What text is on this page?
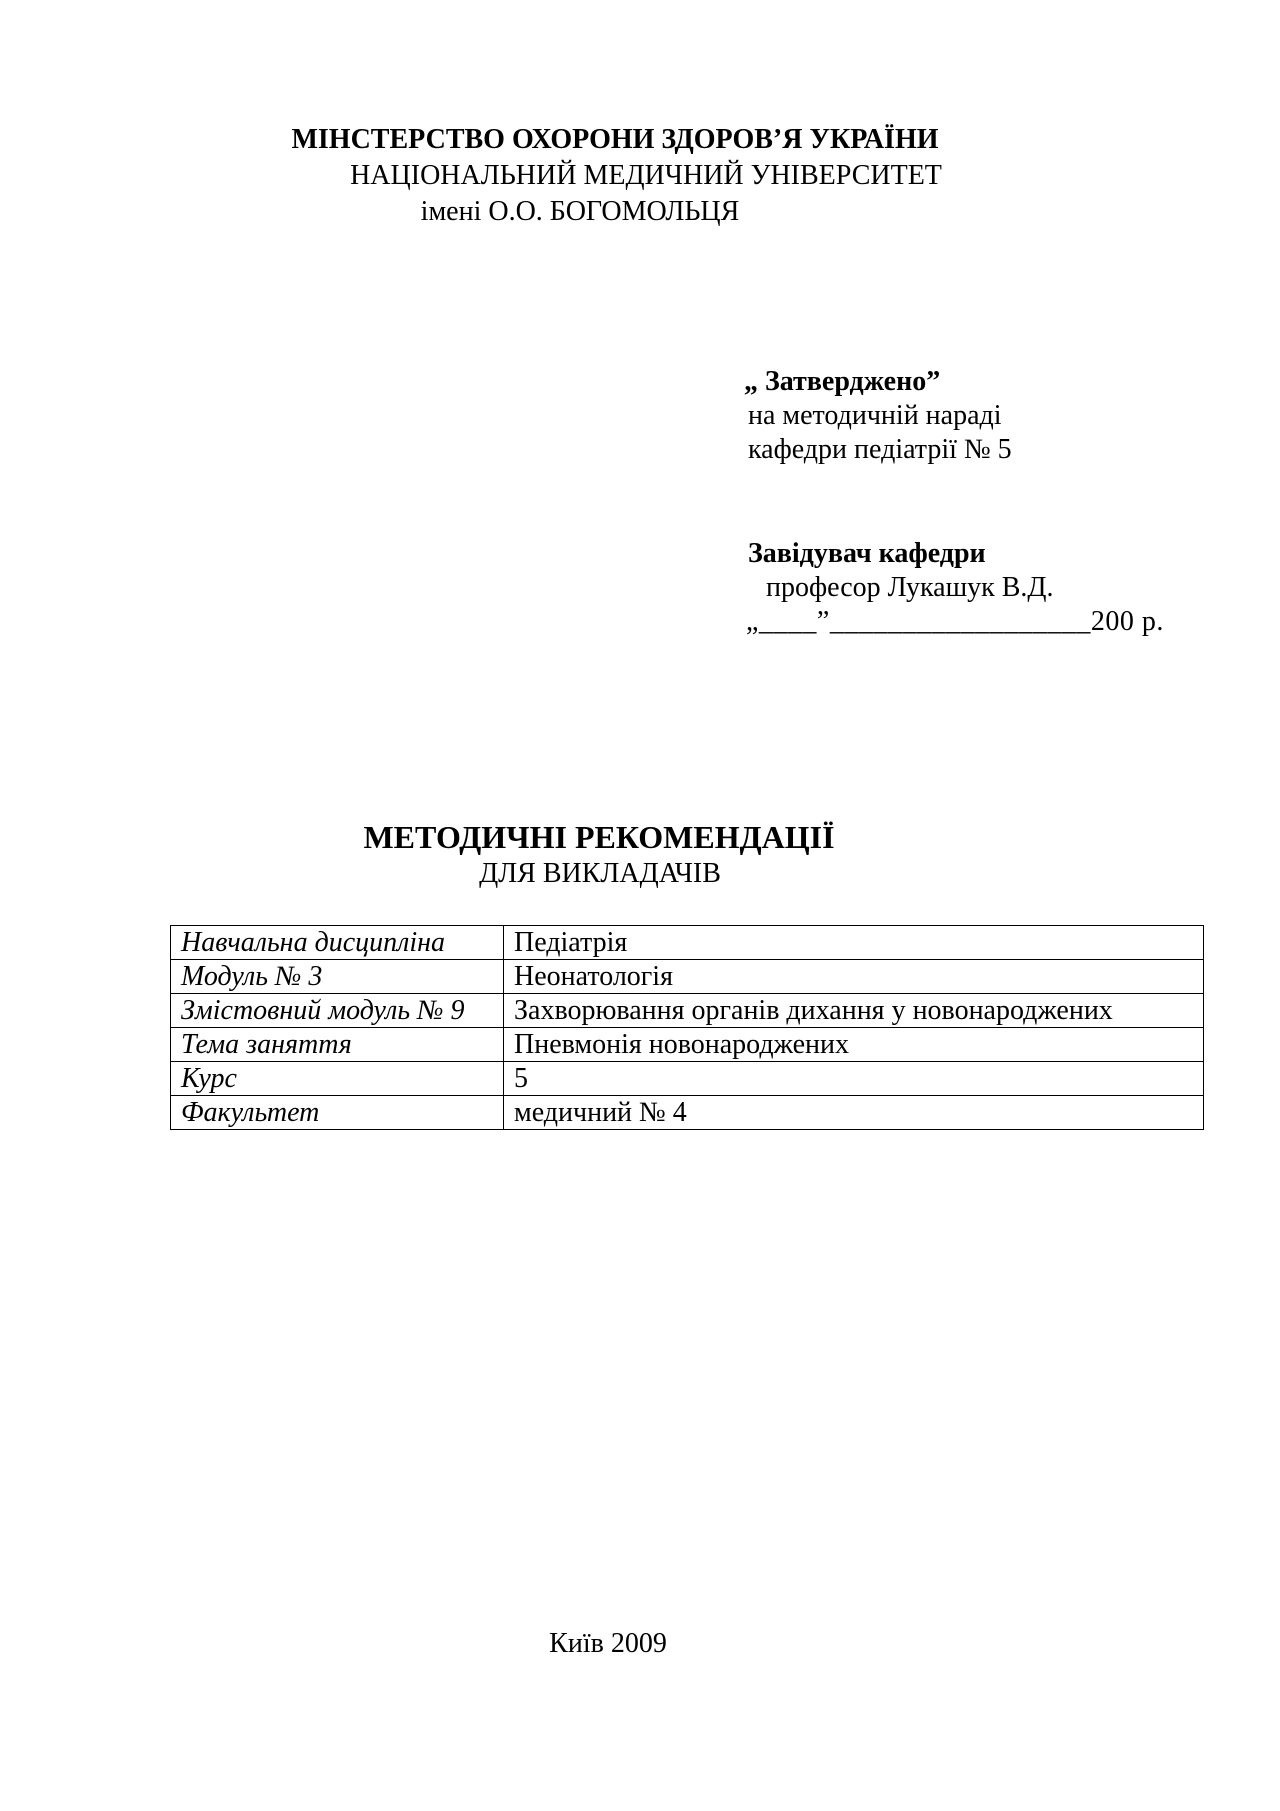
МІНСТЕРСТВО ОХОРОНИ ЗДОРОВ’Я УКРАЇНИ
НАЦІОНАЛЬНИЙ МЕДИЧНИЙ УНІВЕРСИТЕТ
імені О.О. БОГОМОЛЬЦЯ
„ Затверджено”
на методичній нараді
кафедри педіатрії № 5
Завідувач кафедри
професор Лукашук В.Д.
„____”__________________200 р.
МЕТОДИЧНІ РЕКОМЕНДАЦІЇ
ДЛЯ ВИКЛАДАЧІВ
Навчальна дисципліна	Педіатрія
Модуль № 3	Неонатологія
Змістовний модуль № 9	Захворювання органів дихання у новонароджених
Тема заняття	Пневмонія новонароджених
Курс	5
Факультет	медичний № 4
Київ 2009
